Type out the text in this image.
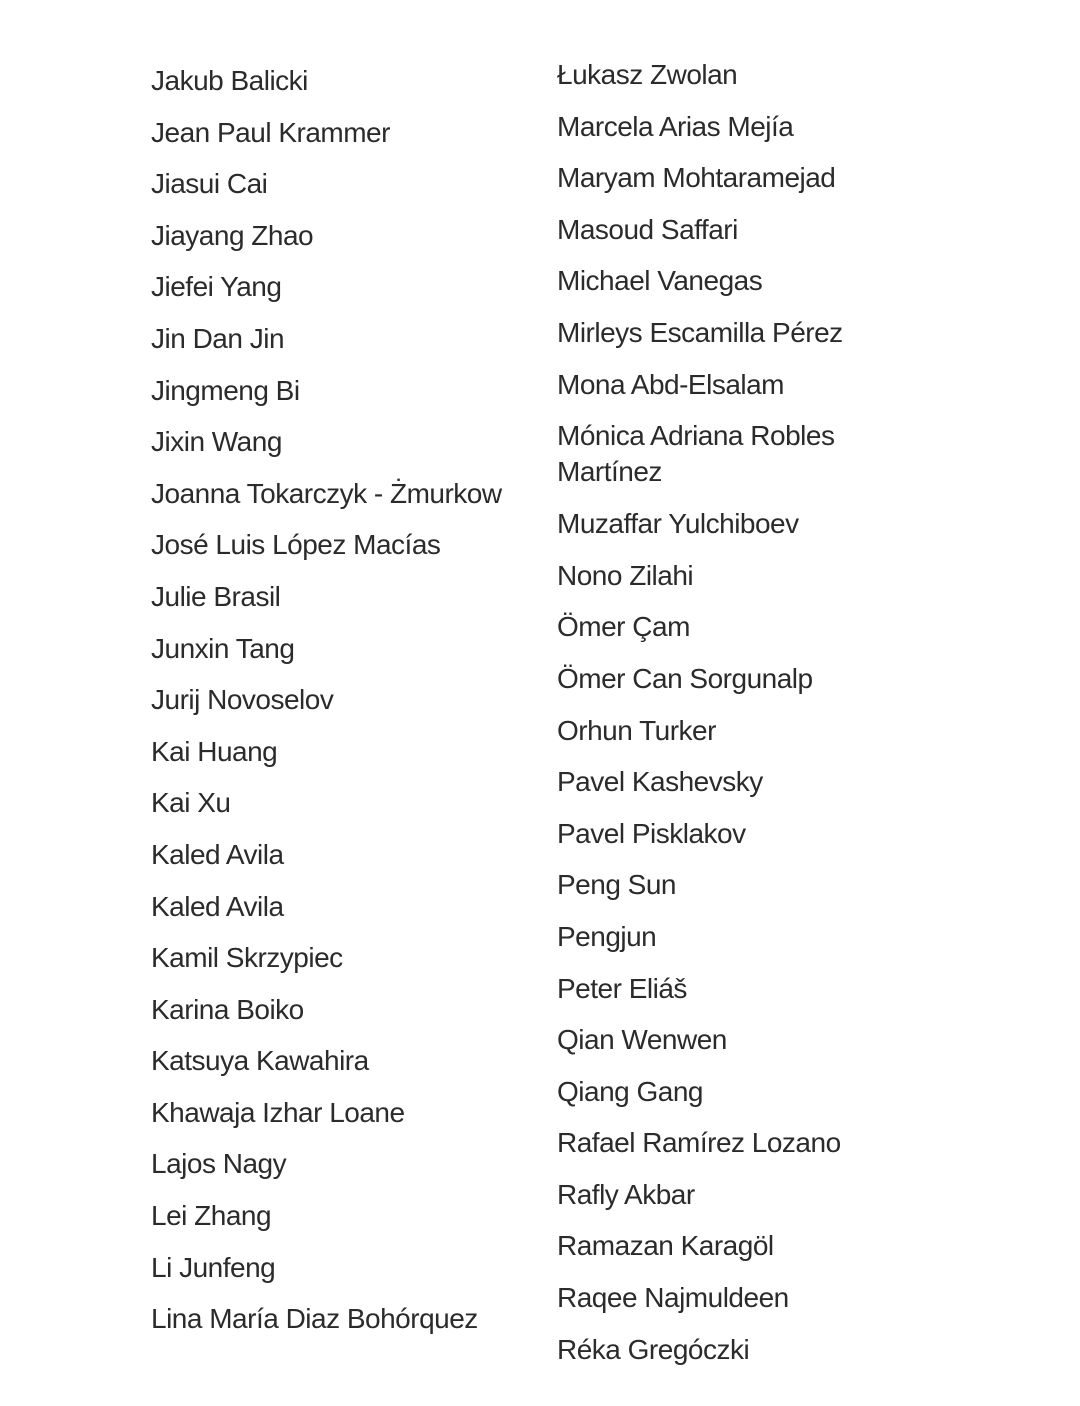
Jakub Balicki
Jean Paul Krammer
Jiasui Cai
Jiayang Zhao
Jiefei Yang
Jin Dan Jin
Jingmeng Bi
Jixin Wang
Joanna Tokarczyk - Żmurkow
José Luis López Macías
Julie Brasil
Junxin Tang
Jurij Novoselov
Kai Huang
Kai Xu
Kaled Avila
Kaled Avila
Kamil Skrzypiec
Karina Boiko
Katsuya Kawahira
Khawaja Izhar Loane
Lajos Nagy
Lei Zhang
Li Junfeng
Lina María Diaz Bohórquez
Łukasz Zwolan
Marcela Arias Mejía
Maryam Mohtaramejad
Masoud Saffari
Michael Vanegas
Mirleys Escamilla Pérez
Mona Abd-Elsalam
Mónica Adriana Robles Martínez
Muzaffar Yulchiboev
Nono Zilahi
Ömer Çam
Ömer Can Sorgunalp
Orhun Turker
Pavel Kashevsky
Pavel Pisklakov
Peng Sun
Pengjun
Peter Eliáš
Qian Wenwen
Qiang Gang
Rafael Ramírez Lozano
Rafly Akbar
Ramazan Karagöl
Raqee Najmuldeen
Réka Gregóczki
